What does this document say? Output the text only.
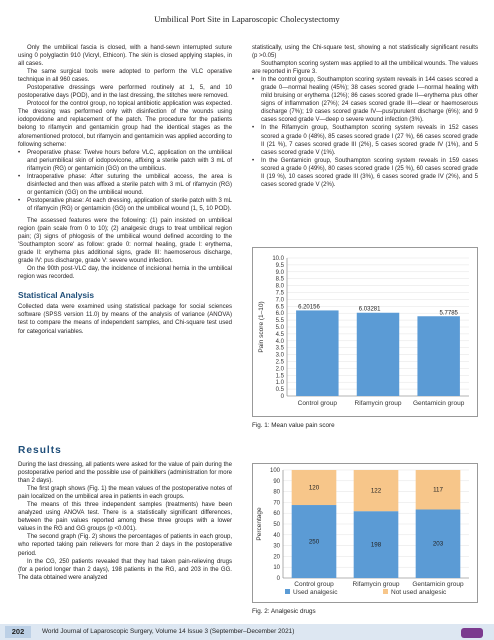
Umbilical Port Site in Laparoscopic Cholecystectomy

Only the umbilical fascia is closed, with a hand-sewn interrupted suture using 0 polyglactin 910 (Vicryl, Ethicon). The skin is closed applying staples, in all cases.

The same surgical tools were adopted to perform the VLC operative technique in all 960 cases.

Postoperative dressings were performed routinely at 1, 5, and 10 postoperative days (POD), and in the last dressing, the stitches were removed.

Protocol for the control group, no topical antibiotic application was expected. The dressing was performed only with disinfection of the wounds using iodopovidone and replacement of the patch. The procedure for the patients belong to rifamycin and gentamicin group had the identical stages as the aforementioned protocol, but rifamycin and gentamicin was applied according to following scheme:

• Preoperative phase: Twelve hours before VLC, application on the umbilical and periumbilical skin of iodopovicone, affixing a sterile patch with 3 mL of rifamycin (RG) or gentamicin (GG) on the umbilicus.
• Intraoperative phase: After suturing the umbilical access, the area is disinfected and then was affixed a sterile patch with 3 mL of rifamycin (RG) or gentamicin (GG) on the umbilical wound.
• Postoperative phase: At each dressing, application of sterile patch with 3 mL of rifamycin (RG) or gentamicin (GG) on the umbilical wound (1, 5, 10 POD).

The assessed features were the following: (1) pain insisted on umbilical region (pain scale from 0 to 10); (2) analgesic drugs to treat umbilical region pain; (3) signs of phlogosis of the umbilical wound defined according to the 'Southampton score' as follow: grade 0: normal healing, grade I: erythema, grade II: erythema plus additional signs, grade III: haemoserous discharge, grade IV: pus discharge, grade V: severe wound infection.

On the 90th post-VLC day, the incidence of incisional hernia in the umbilical region was recorded.

Statistical Analysis

Collected data were examined using statistical package for social sciences software (SPSS version 11.0) by means of the analysis of variance (ANOVA) test to compare the means of independent samples, and Chi-square test used for categorical variables.

Results

During the last dressing, all patients were asked for the value of pain during the postoperative period and the possible use of painkillers (administration for more than 2 days).

The first graph shows (Fig. 1) the mean values of the postoperative notes of pain localized on the umbilical area in patients in each groups.

The means of this three independent samples (treatments) have been analyzed using ANOVA test. There is a statistically significant differences, between the pain values reported among these three groups with a lower values in the RG and GG groups (p <0.001).

The second graph (Fig. 2) shows the percentages of patients in each group, who reported taking pain relievers for more than 2 days in the postoperative period.

In the CG, 250 patients revealed that they had taken pain-relieving drugs (for a period longer than 2 days), 198 patients in the RG, and 203 in the GG. The data obtained were analyzed

statistically, using the Chi-square test, showing a not statistically significant results (p >0.05)

Southampton scoring system was applied to all the umbilical wounds. The values are reported in Figure 3.

• In the control group, Southampton scoring system reveals in 144 cases scored a grade 0—normal healing (45%); 38 cases scored grade I—normal healing with mild bruising or erythema (12%); 86 cases scored grade II—erythema plus other signs of inflammation (27%); 24 cases scored grade III—clear or haemoserous discharge (7%); 19 cases scored grade IV—pus/purulent discharge (6%); and 9 cases scored grade V—deep o severe wound infection (3%).
• In the Rifamycin group, Southampton scoring system reveals in 152 cases scored a grade 0 (48%), 85 cases scored grade I (27 %), 66 cases scored grade II (21 %), 7 cases scored grade III (2%), 5 cases scored grade IV (1%), and 5 cases scored grade V (1%).
• In the Gentamicin group, Southampton scoring system reveals in 159 cases scored a grade 0 (49%), 80 cases scored grade I (25 %), 60 cases scored grade II (19 %), 10 cases scored grade III (3%), 6 cases scored grade IV (2%), and 5 cases scored grade V (2%).
0
0.5
1.0
1.5
2.0
2.5
3.0
3.5
4.0
4.5
5.0
5.5
6.0
6.5
7.0
7.5
8.0
8.5
9.0
9.5
10.0
Pain score (1–10)	6.20156
Control group
6.03281
Rifamycin group
5.7785
Gentamicin group
Fig. 1: Mean value pain score
0
10
20
30
40
50
60
70
80
90
100
Percentage
250
120
Control group
198
122
Rifamycin group
203
117
Gentamicin group
Used analgesic	Not used analgesic
Fig. 2: Analgesic drugs
202	World Journal of Laparoscopic Surgery, Volume 14 Issue 3 (September–December 2021)
